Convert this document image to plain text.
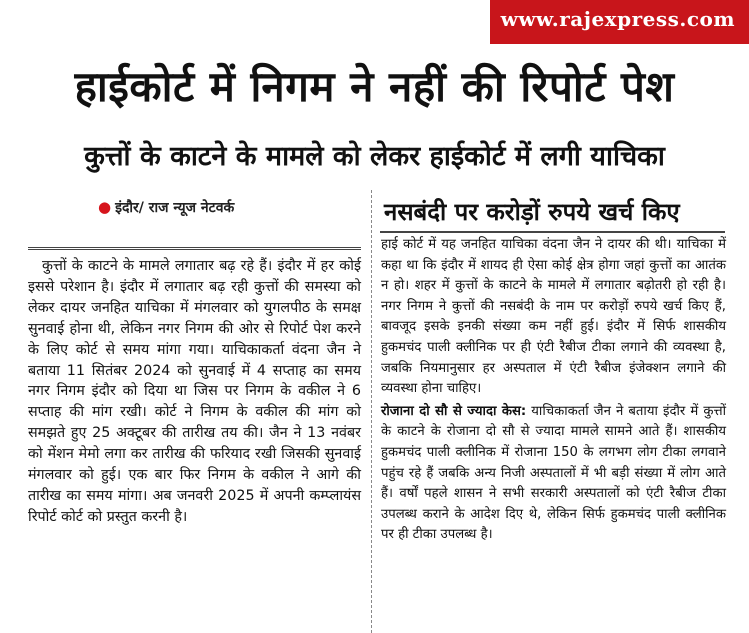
www.rajexpress.com
हाईकोर्ट में निगम ने नहीं की रिपोर्ट पेश
कुत्तों के काटने के मामले को लेकर हाईकोर्ट में लगी याचिका
● इंदौर/ राज न्यूज नेटवर्क

कुत्तों के काटने के मामले लगातार बढ़ रहे हैं। इंदौर में हर कोई इससे परेशान है। इंदौर में लगातार बढ़ रही कुत्तों की समस्या को लेकर दायर जनहित याचिका में मंगलवार को युगलपीठ के समक्ष सुनवाई होना थी, लेकिन नगर निगम की ओर से रिपोर्ट पेश करने के लिए कोर्ट से समय मांगा गया। याचिकाकर्ता वंदना जैन ने बताया 11 सितंबर 2024 को सुनवाई में 4 सप्ताह का समय नगर निगम इंदौर को दिया था जिस पर निगम के वकील ने 6 सप्ताह की मांग रखी। कोर्ट ने निगम के वकील की मांग को समझते हुए 25 अक्टूबर की तारीख तय की। जैन ने 13 नवंबर को मेंशन मेमो लगा कर तारीख की फरियाद रखी जिसकी सुनवाई मंगलवार को हुई। एक बार फिर निगम के वकील ने आगे की तारीख का समय मांगा। अब जनवरी 2025 में अपनी कम्प्लायंस रिपोर्ट कोर्ट को प्रस्तुत करनी है।

नसबंदी पर करोड़ों रुपये खर्च किए

हाई कोर्ट में यह जनहित याचिका वंदना जैन ने दायर की थी। याचिका में कहा था कि इंदौर में शायद ही ऐसा कोई क्षेत्र होगा जहां कुत्तों का आतंक न हो। शहर में कुत्तों के काटने के मामले में लगातार बढ़ोतरी हो रही है। नगर निगम ने कुत्तों की नसबंदी के नाम पर करोड़ों रुपये खर्च किए हैं, बावजूद इसके इनकी संख्या कम नहीं हुई। इंदौर में सिर्फ शासकीय हुकमचंद पाली क्लीनिक पर ही एंटी रैबीज टीका लगाने की व्यवस्था है, जबकि नियमानुसार हर अस्पताल में एंटी रैबीज इंजेक्शन लगाने की व्यवस्था होना चाहिए।

रोजाना दो सौ से ज्यादा केस: याचिकाकर्ता जैन ने बताया इंदौर में कुत्तों के काटने के रोजाना दो सौ से ज्यादा मामले सामने आते हैं। शासकीय हुकमचंद पाली क्लीनिक में रोजाना 150 के लगभग लोग टीका लगवाने पहुंच रहे हैं जबकि अन्य निजी अस्पतालों में भी बड़ी संख्या में लोग आते हैं। वर्षों पहले शासन ने सभी सरकारी अस्पतालों को एंटी रैबीज टीका उपलब्ध कराने के आदेश दिए थे, लेकिन सिर्फ हुकमचंद पाली क्लीनिक पर ही टीका उपलब्ध है।
